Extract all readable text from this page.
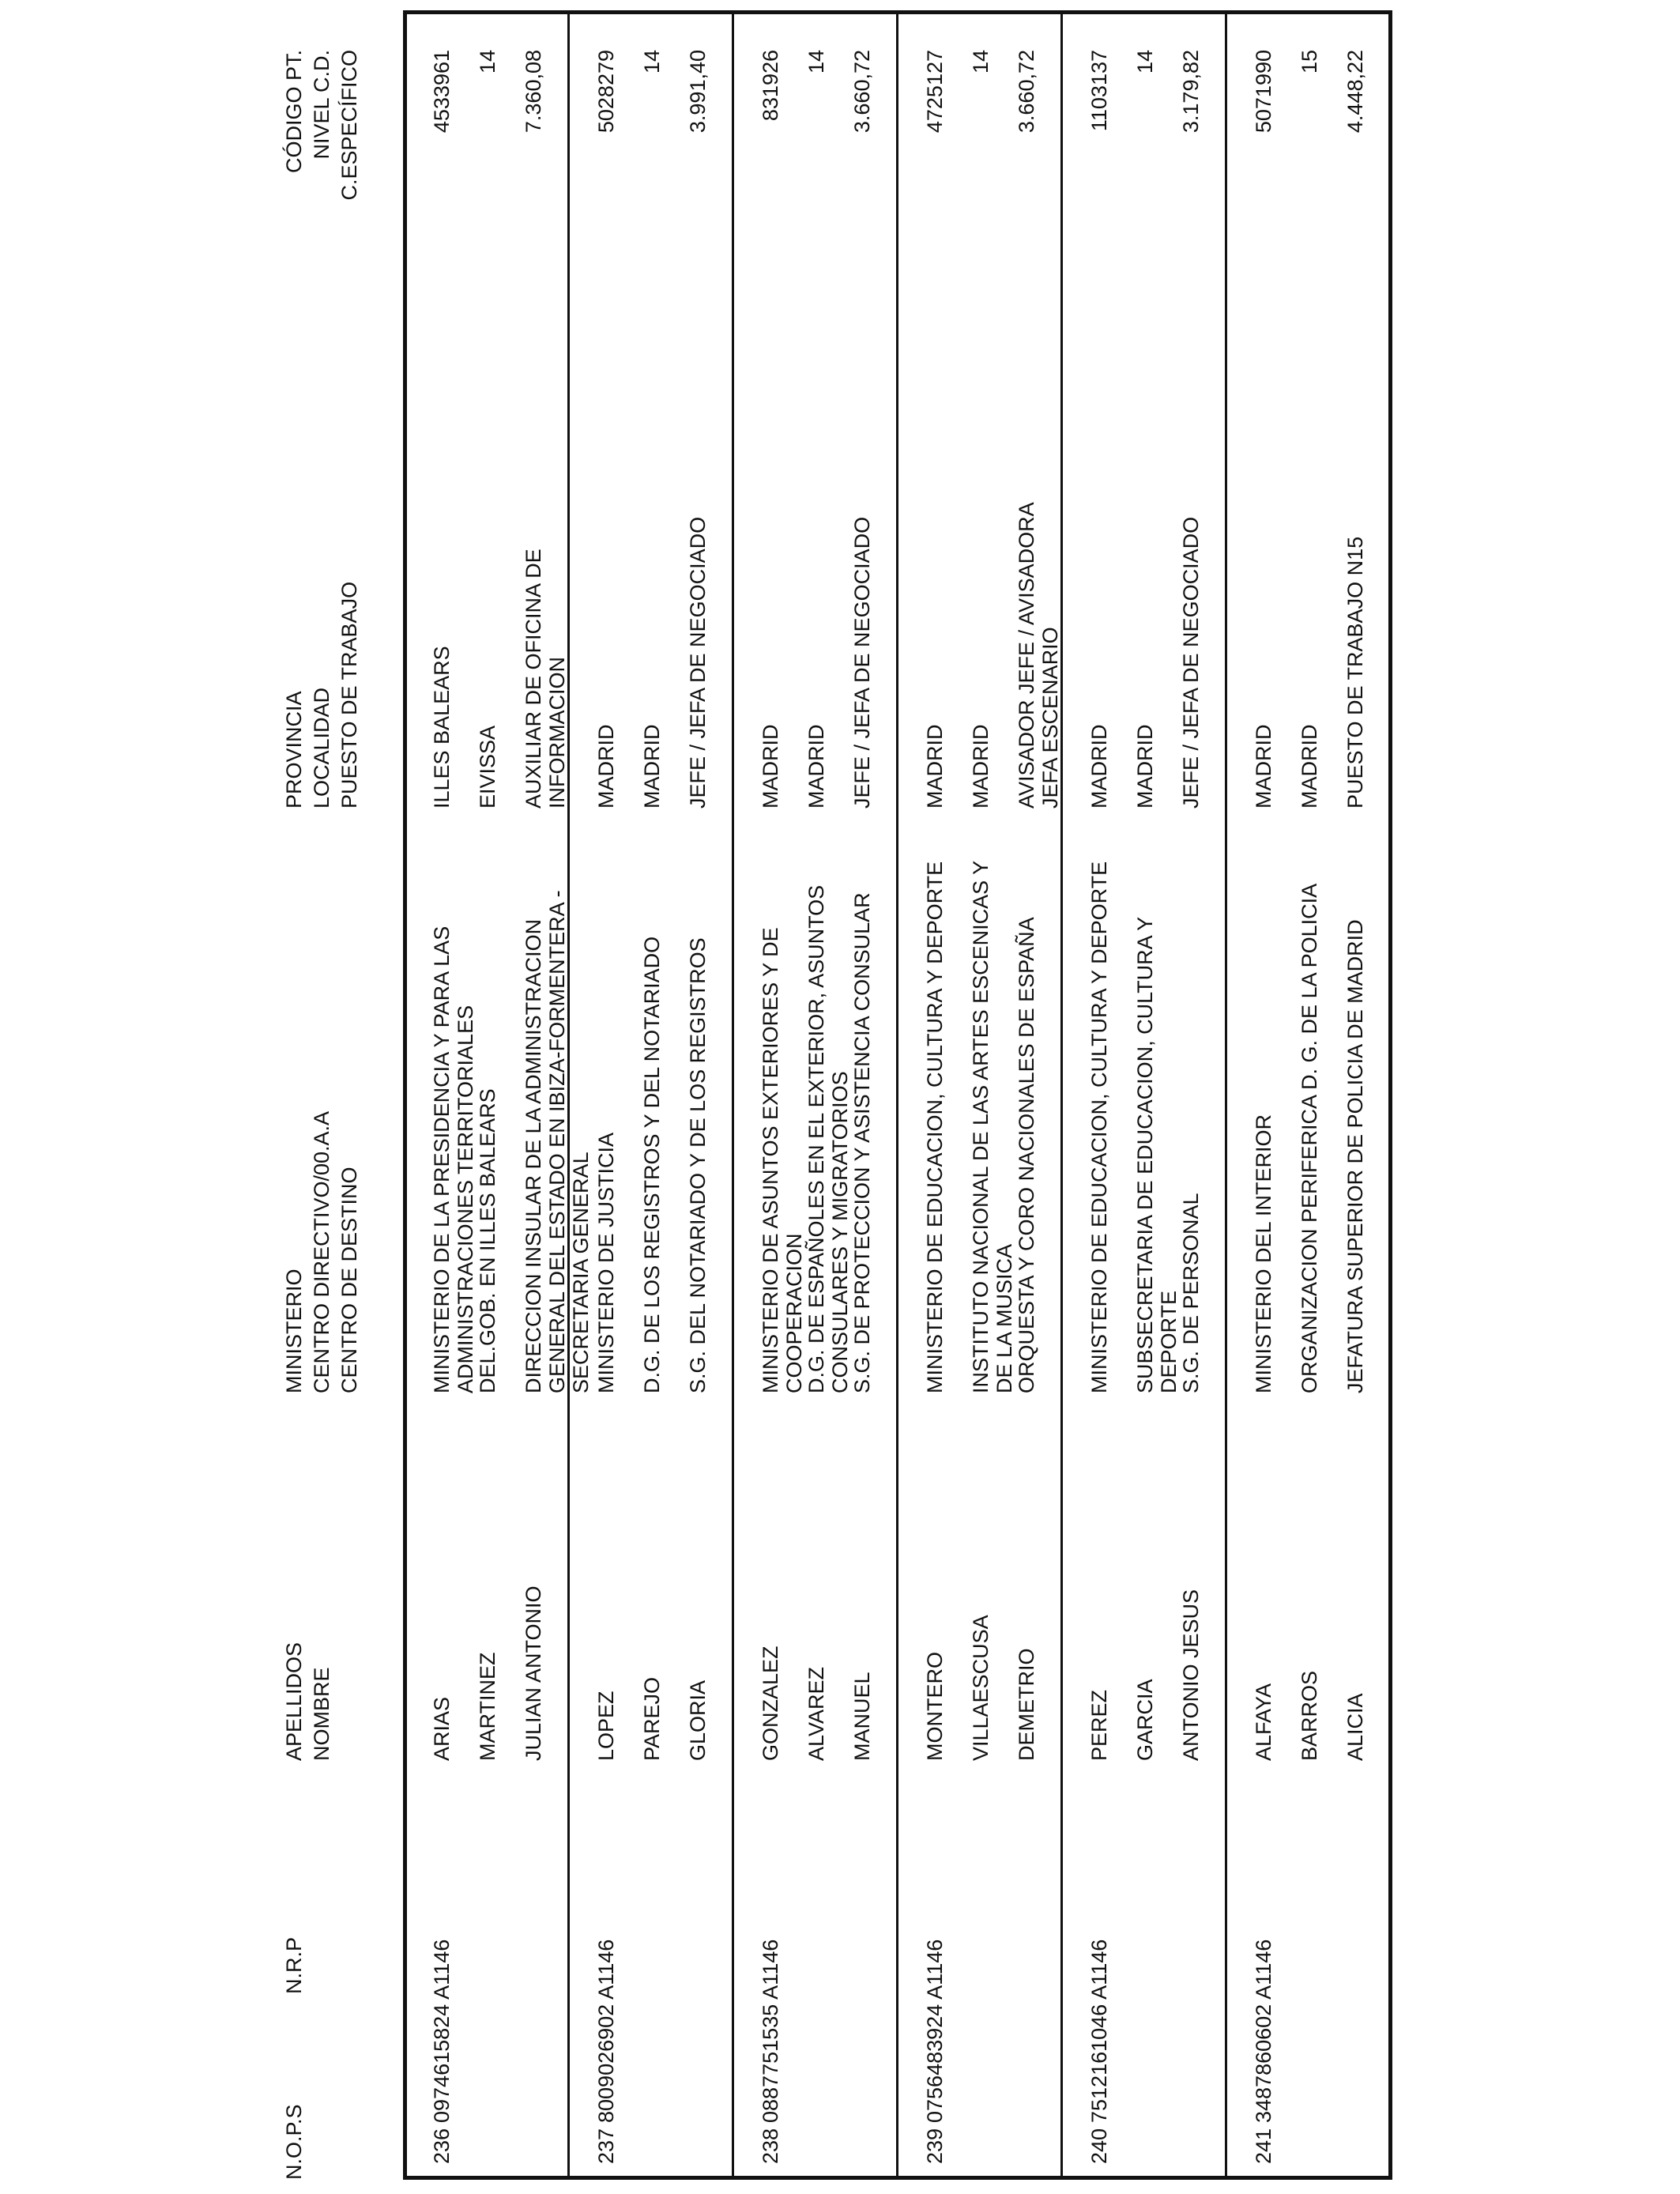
N.O.P.S
N.R.P
APELLIDOS NOMBRE
MINISTERIO CENTRO DIRECTIVO/00.A.A CENTRO DE DESTINO
PROVINCIA LOCALIDAD PUESTO DE TRABAJO
CÓDIGO PT. NIVEL C.D. C.ESPECÍFICO
236
0974615824 A1146
ARIAS MARTINEZ JULIAN ANTONIO
MINISTERIO DE LA PRESIDENCIA Y PARA LAS ADMINISTRACIONES TERRITORIALES
DEL.GOB. EN ILLES BALEARS DIRECCION INSULAR DE LA ADMINISTRACION GENERAL DEL ESTADO EN IBIZA-FORMENTERA - SECRETARIA GENERAL
ILLES BALEARS EIVISSA AUXILIAR DE OFICINA DE INFORMACION
4533961 14 7.360,08
237
8009026902 A1146
LOPEZ PAREJO GLORIA
MINISTERIO DE JUSTICIA D.G. DE LOS REGISTROS Y DEL NOTARIADO S.G. DEL NOTARIADO Y DE LOS REGISTROS
MADRID MADRID JEFE / JEFA DE NEGOCIADO
5028279 14 3.991,40
238
0887751535 A1146
GONZALEZ ALVAREZ MANUEL
MINISTERIO DE ASUNTOS EXTERIORES Y DE COOPERACION
D.G. DE ESPAÑOLES EN EL EXTERIOR, ASUNTOS CONSULARES Y MIGRATORIOS
S.G. DE PROTECCION Y ASISTENCIA CONSULAR
MADRID MADRID JEFE / JEFA DE NEGOCIADO
831926 14 3.660,72
239
0756483924 A1146
MONTERO VILLAESCUSA DEMETRIO
MINISTERIO DE EDUCACION, CULTURA Y DEPORTE INSTITUTO NACIONAL DE LAS ARTES ESCENICAS Y DE LA MUSICA
ORQUESTA Y CORO NACIONALES DE ESPAÑA
MADRID MADRID AVISADOR JEFE / AVISADORA JEFA ESCENARIO
4725127 14 3.660,72
240
7512161046 A1146
PEREZ GARCIA ANTONIO JESUS
MINISTERIO DE EDUCACION, CULTURA Y DEPORTE SUBSECRETARIA DE EDUCACION, CULTURA Y DEPORTE
S.G. DE PERSONAL
MADRID MADRID JEFE / JEFA DE NEGOCIADO
1103137 14 3.179,82
241
3487860602 A1146
ALFAYA BARROS ALICIA
MINISTERIO DEL INTERIOR ORGANIZACION PERIFERICA D. G. DE LA POLICIA JEFATURA SUPERIOR DE POLICIA DE MADRID
MADRID MADRID PUESTO DE TRABAJO N15
5071990 15 4.448,22
